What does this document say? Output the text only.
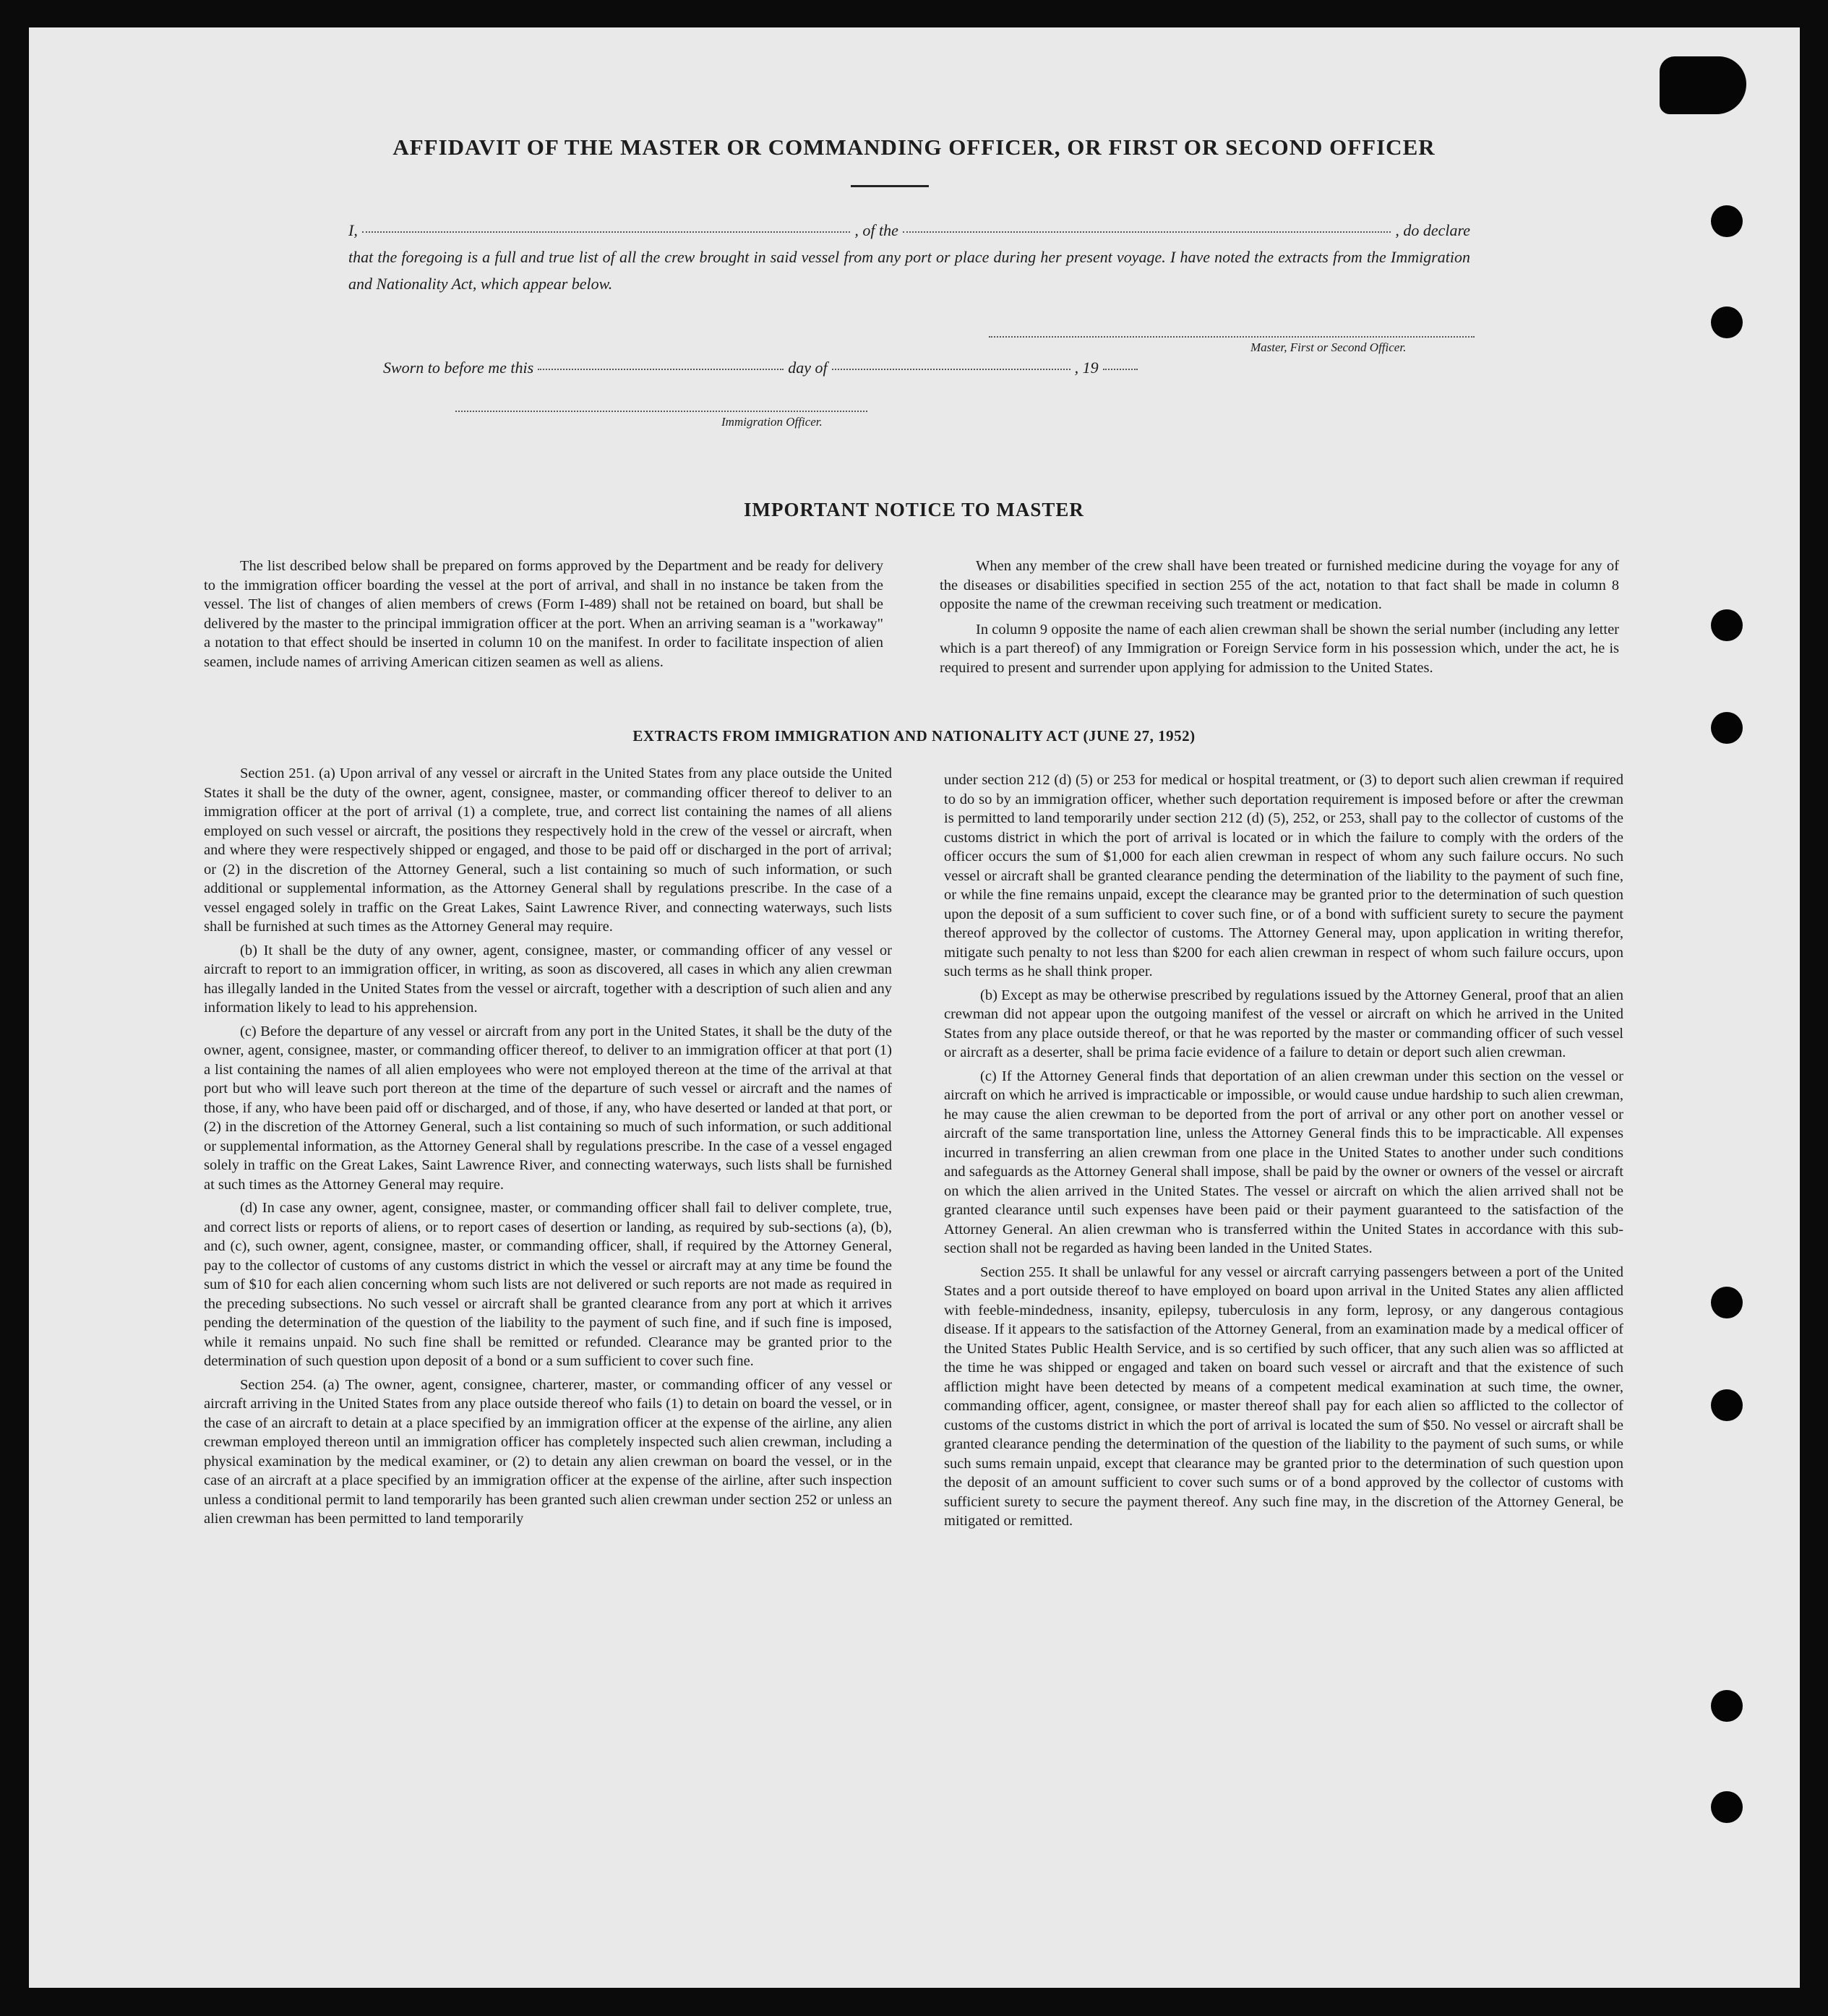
AFFIDAVIT OF THE MASTER OR COMMANDING OFFICER, OR FIRST OR SECOND OFFICER
I,	, of the	, do declare

that the foregoing is a full and true list of all the crew brought in said vessel from any port or place during her present voyage. I have noted the extracts from the Immigration and Nationality Act, which appear below.

Master, First or Second Officer.
Sworn to before me this	day of	, 19
Immigration Officer.
IMPORTANT NOTICE TO MASTER

The list described below shall be prepared on forms approved by the Department and be ready for delivery to the immigration officer boarding the vessel at the port of arrival, and shall in no instance be taken from the vessel. The list of changes of alien members of crews (Form I-489) shall not be retained on board, but shall be delivered by the master to the principal immigration officer at the port. When an arriving seaman is a "workaway" a notation to that effect should be inserted in column 10 on the manifest. In order to facilitate inspection of alien seamen, include names of arriving American citizen seamen as well as aliens.

When any member of the crew shall have been treated or furnished medicine during the voyage for any of the diseases or disabilities specified in section 255 of the act, notation to that fact shall be made in column 8 opposite the name of the crewman receiving such treatment or medication.

In column 9 opposite the name of each alien crewman shall be shown the serial number (including any letter which is a part thereof) of any Immigration or Foreign Service form in his possession which, under the act, he is required to present and surrender upon applying for admission to the United States.

EXTRACTS FROM IMMIGRATION AND NATIONALITY ACT (JUNE 27, 1952)

Section 251. (a) Upon arrival of any vessel or aircraft in the United States from any place outside the United States it shall be the duty of the owner, agent, consignee, master, or commanding officer thereof to deliver to an immigration officer at the port of arrival (1) a complete, true, and correct list containing the names of all aliens employed on such vessel or aircraft, the positions they respectively hold in the crew of the vessel or aircraft, when and where they were respectively shipped or engaged, and those to be paid off or discharged in the port of arrival; or (2) in the discretion of the Attorney General, such a list containing so much of such information, or such additional or supplemental information, as the Attorney General shall by regulations prescribe. In the case of a vessel engaged solely in traffic on the Great Lakes, Saint Lawrence River, and connecting waterways, such lists shall be furnished at such times as the Attorney General may require.

(b) It shall be the duty of any owner, agent, consignee, master, or commanding officer of any vessel or aircraft to report to an immigration officer, in writing, as soon as discovered, all cases in which any alien crewman has illegally landed in the United States from the vessel or aircraft, together with a description of such alien and any information likely to lead to his apprehension.

(c) Before the departure of any vessel or aircraft from any port in the United States, it shall be the duty of the owner, agent, consignee, master, or commanding officer thereof, to deliver to an immigration officer at that port (1) a list containing the names of all alien employees who were not employed thereon at the time of the arrival at that port but who will leave such port thereon at the time of the departure of such vessel or aircraft and the names of those, if any, who have been paid off or discharged, and of those, if any, who have deserted or landed at that port, or (2) in the discretion of the Attorney General, such a list containing so much of such information, or such additional or supplemental information, as the Attorney General shall by regulations prescribe. In the case of a vessel engaged solely in traffic on the Great Lakes, Saint Lawrence River, and connecting waterways, such lists shall be furnished at such times as the Attorney General may require.

(d) In case any owner, agent, consignee, master, or commanding officer shall fail to deliver complete, true, and correct lists or reports of aliens, or to report cases of desertion or landing, as required by sub-sections (a), (b), and (c), such owner, agent, consignee, master, or commanding officer, shall, if required by the Attorney General, pay to the collector of customs of any customs district in which the vessel or aircraft may at any time be found the sum of $10 for each alien concerning whom such lists are not delivered or such reports are not made as required in the preceding subsections. No such vessel or aircraft shall be granted clearance from any port at which it arrives pending the determination of the question of the liability to the payment of such fine, and if such fine is imposed, while it remains unpaid. No such fine shall be remitted or refunded. Clearance may be granted prior to the determination of such question upon deposit of a bond or a sum sufficient to cover such fine.

Section 254. (a) The owner, agent, consignee, charterer, master, or commanding officer of any vessel or aircraft arriving in the United States from any place outside thereof who fails (1) to detain on board the vessel, or in the case of an aircraft to detain at a place specified by an immigration officer at the expense of the airline, any alien crewman employed thereon until an immigration officer has completely inspected such alien crewman, including a physical examination by the medical examiner, or (2) to detain any alien crewman on board the vessel, or in the case of an aircraft at a place specified by an immigration officer at the expense of the airline, after such inspection unless a conditional permit to land temporarily has been granted such alien crewman under section 252 or unless an alien crewman has been permitted to land temporarily

under section 212 (d) (5) or 253 for medical or hospital treatment, or (3) to deport such alien crewman if required to do so by an immigration officer, whether such deportation requirement is imposed before or after the crewman is permitted to land temporarily under section 212 (d) (5), 252, or 253, shall pay to the collector of customs of the customs district in which the port of arrival is located or in which the failure to comply with the orders of the officer occurs the sum of $1,000 for each alien crewman in respect of whom any such failure occurs. No such vessel or aircraft shall be granted clearance pending the determination of the liability to the payment of such fine, or while the fine remains unpaid, except the clearance may be granted prior to the determination of such question upon the deposit of a sum sufficient to cover such fine, or of a bond with sufficient surety to secure the payment thereof approved by the collector of customs. The Attorney General may, upon application in writing therefor, mitigate such penalty to not less than $200 for each alien crewman in respect of whom such failure occurs, upon such terms as he shall think proper.

(b) Except as may be otherwise prescribed by regulations issued by the Attorney General, proof that an alien crewman did not appear upon the outgoing manifest of the vessel or aircraft on which he arrived in the United States from any place outside thereof, or that he was reported by the master or commanding officer of such vessel or aircraft as a deserter, shall be prima facie evidence of a failure to detain or deport such alien crewman.

(c) If the Attorney General finds that deportation of an alien crewman under this section on the vessel or aircraft on which he arrived is impracticable or impossible, or would cause undue hardship to such alien crewman, he may cause the alien crewman to be deported from the port of arrival or any other port on another vessel or aircraft of the same transportation line, unless the Attorney General finds this to be impracticable. All expenses incurred in transferring an alien crewman from one place in the United States to another under such conditions and safeguards as the Attorney General shall impose, shall be paid by the owner or owners of the vessel or aircraft on which the alien arrived in the United States. The vessel or aircraft on which the alien arrived shall not be granted clearance until such expenses have been paid or their payment guaranteed to the satisfaction of the Attorney General. An alien crewman who is transferred within the United States in accordance with this sub-section shall not be regarded as having been landed in the United States.

Section 255. It shall be unlawful for any vessel or aircraft carrying passengers between a port of the United States and a port outside thereof to have employed on board upon arrival in the United States any alien afflicted with feeble-mindedness, insanity, epilepsy, tuberculosis in any form, leprosy, or any dangerous contagious disease. If it appears to the satisfaction of the Attorney General, from an examination made by a medical officer of the United States Public Health Service, and is so certified by such officer, that any such alien was so afflicted at the time he was shipped or engaged and taken on board such vessel or aircraft and that the existence of such affliction might have been detected by means of a competent medical examination at such time, the owner, commanding officer, agent, consignee, or master thereof shall pay for each alien so afflicted to the collector of customs of the customs district in which the port of arrival is located the sum of $50. No vessel or aircraft shall be granted clearance pending the determination of the question of the liability to the payment of such sums, or while such sums remain unpaid, except that clearance may be granted prior to the determination of such question upon the deposit of an amount sufficient to cover such sums or of a bond approved by the collector of customs with sufficient surety to secure the payment thereof. Any such fine may, in the discretion of the Attorney General, be mitigated or remitted.
